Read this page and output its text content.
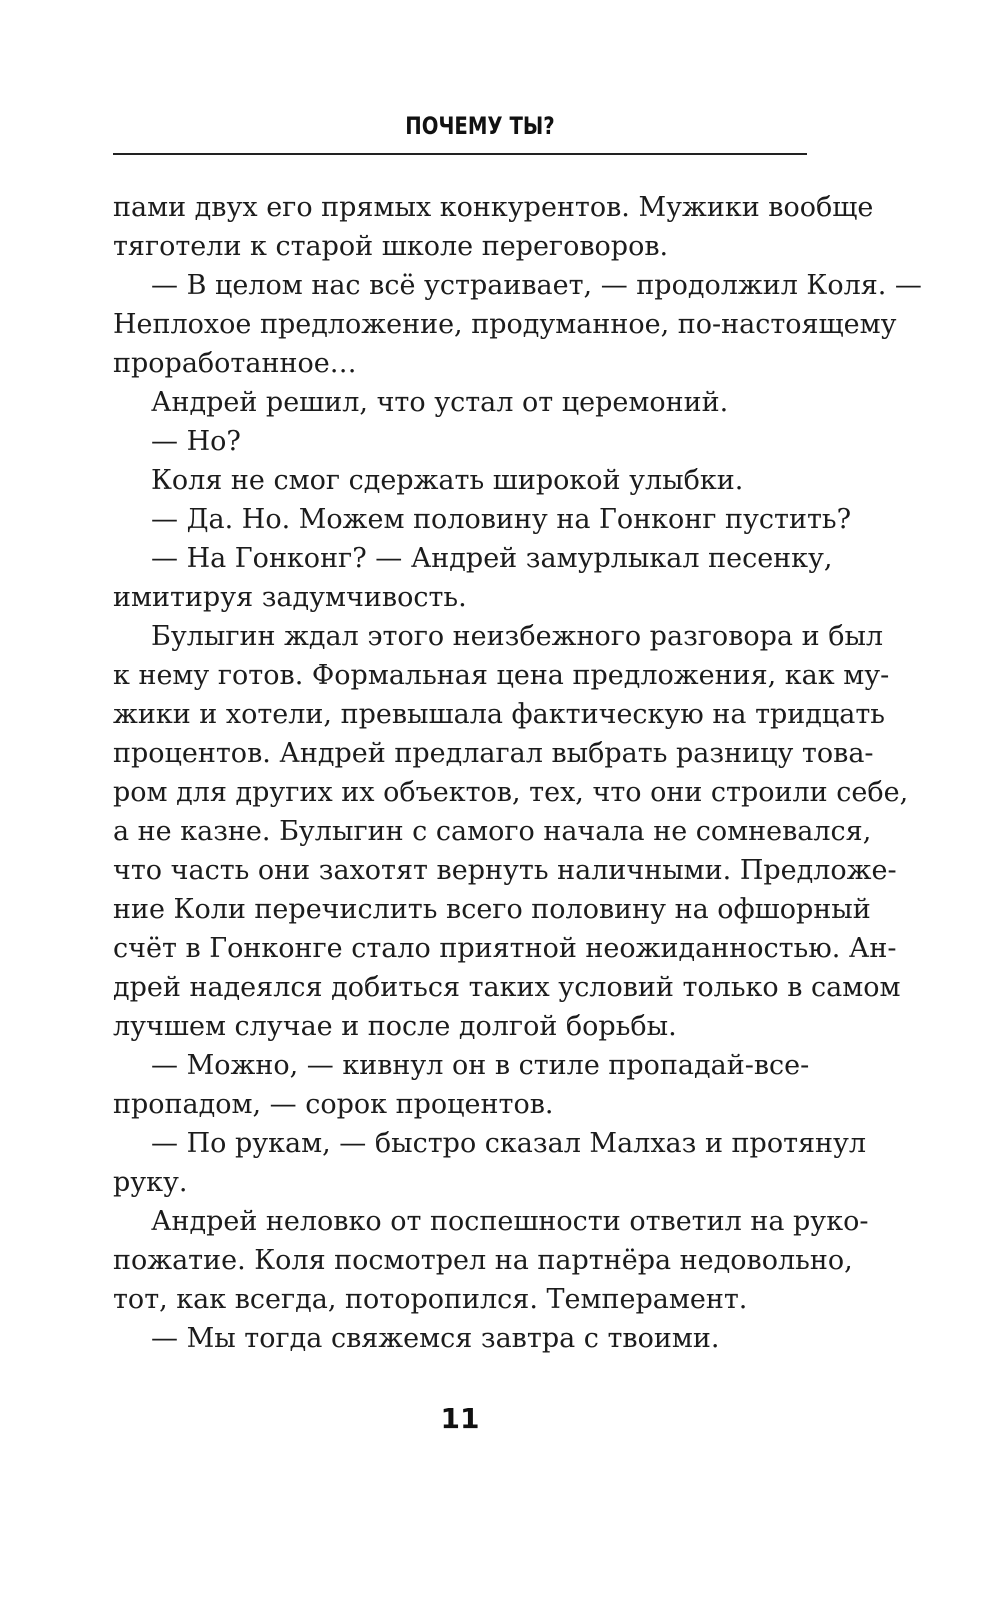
ПОЧЕМУ ТЫ?
пами двух его прямых конкурентов. Мужики вообще
тяготели к старой школе переговоров.
— В целом нас всё устраивает, — продолжил Коля. —
Неплохое предложение, продуманное, по-настоящему
проработанное…
Андрей решил, что устал от церемоний.
— Но?
Коля не смог сдержать широкой улыбки.
— Да. Но. Можем половину на Гонконг пустить?
— На Гонконг? — Андрей замурлыкал песенку,
имитируя задумчивость.
Булыгин ждал этого неизбежного разговора и был
к нему готов. Формальная цена предложения, как му-
жики и хотели, превышала фактическую на тридцать
процентов. Андрей предлагал выбрать разницу това-
ром для других их объектов, тех, что они строили себе,
а не казне. Булыгин с самого начала не сомневался,
что часть они захотят вернуть наличными. Предложе-
ние Коли перечислить всего половину на офшорный
счёт в Гонконге стало приятной неожиданностью. Ан-
дрей надеялся добиться таких условий только в самом
лучшем случае и после долгой борьбы.
— Можно, — кивнул он в стиле пропадай-все-
пропадом, — сорок процентов.
— По рукам, — быстро сказал Малхаз и протянул
руку.
Андрей неловко от поспешности ответил на руко-
пожатие. Коля посмотрел на партнёра недовольно,
тот, как всегда, поторопился. Темперамент.
— Мы тогда свяжемся завтра с твоими.
11
